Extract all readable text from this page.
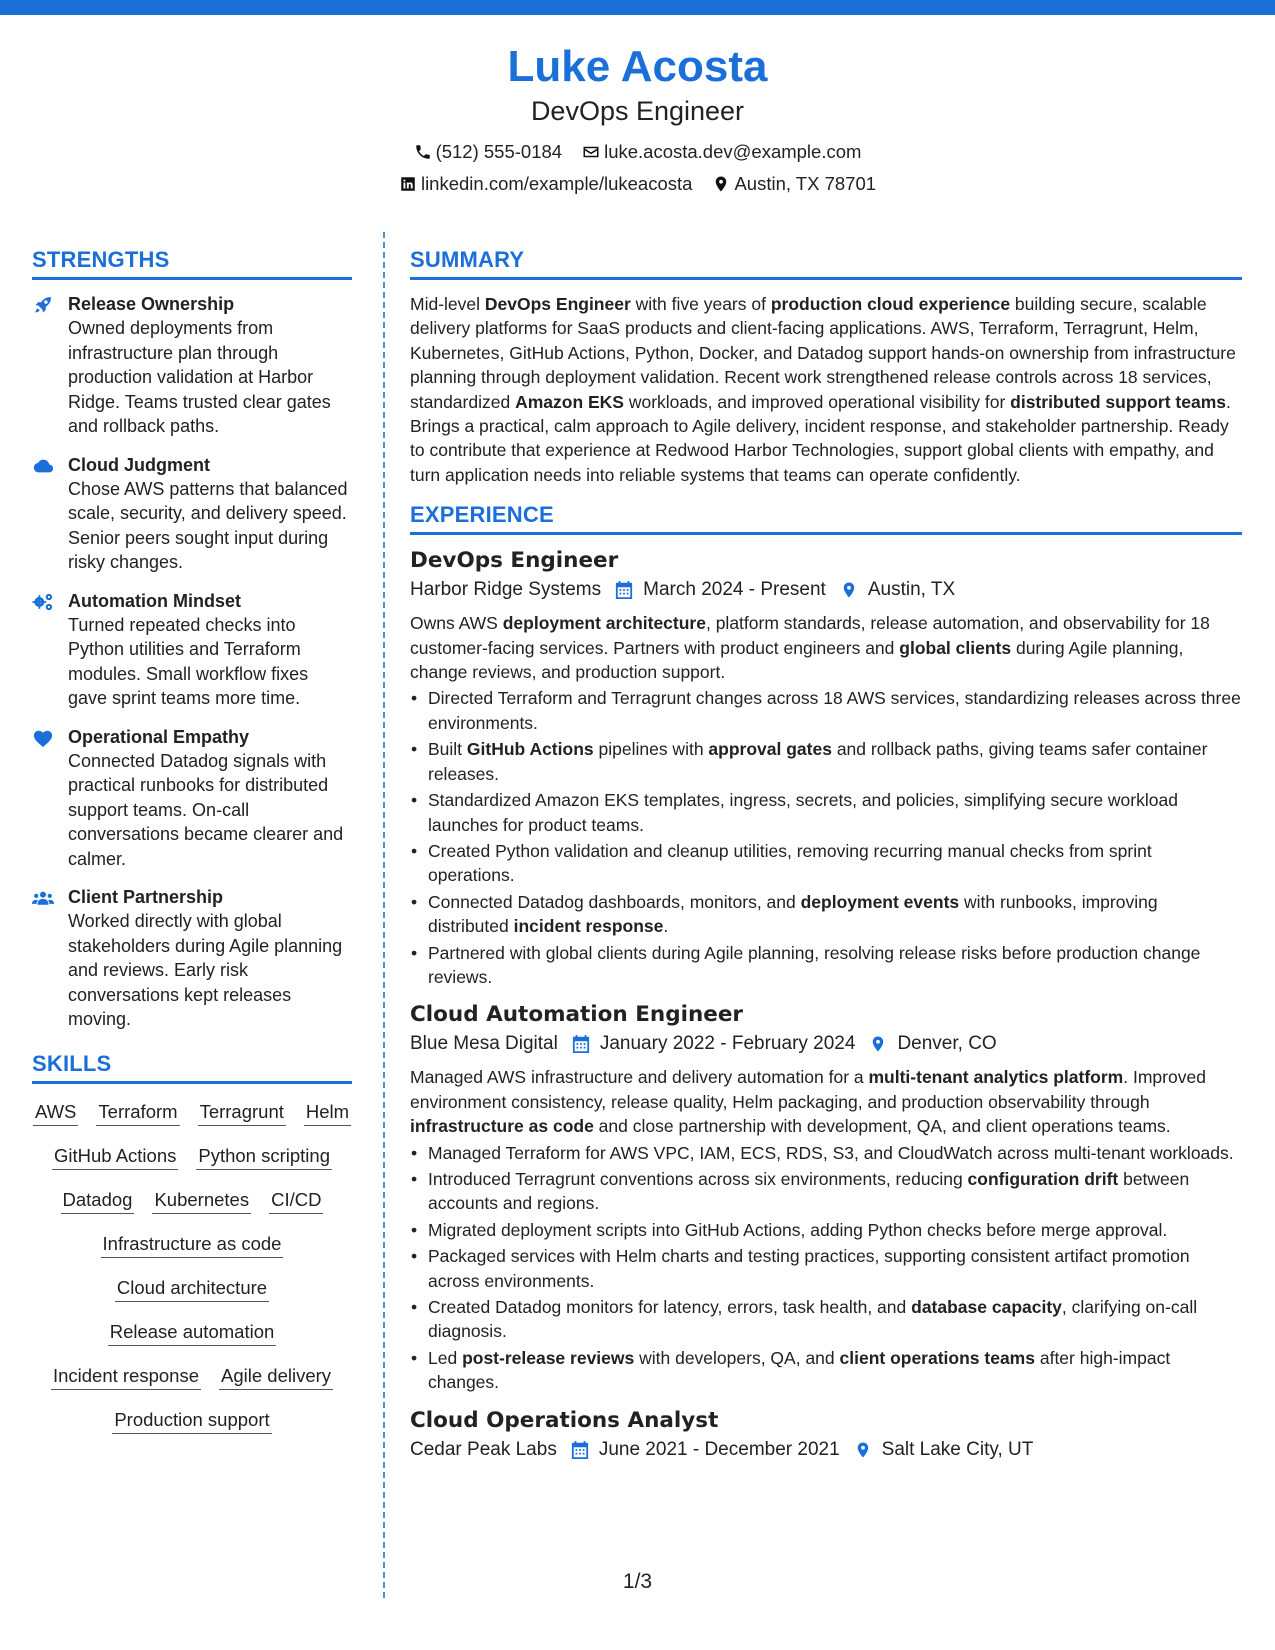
Luke Acosta
DevOps Engineer
(512) 555-0184 luke.acosta.dev@example.com
linkedin.com/example/lukeacosta Austin, TX 78701
STRENGTHS
Release Ownership
Owned deployments from infrastructure plan through production validation at Harbor Ridge. Teams trusted clear gates and rollback paths.
Cloud Judgment
Chose AWS patterns that balanced scale, security, and delivery speed. Senior peers sought input during risky changes.
Automation Mindset
Turned repeated checks into Python utilities and Terraform modules. Small workflow fixes gave sprint teams more time.
Operational Empathy
Connected Datadog signals with practical runbooks for distributed support teams. On-call conversations became clearer and calmer.
Client Partnership
Worked directly with global stakeholders during Agile planning and reviews. Early risk conversations kept releases moving.
SKILLS
AWS Terraform Terragrunt Helm
GitHub Actions Python scripting
Datadog Kubernetes CI/CD
Infrastructure as code
Cloud architecture
Release automation
Incident response Agile delivery
Production support
SUMMARY

Mid-level DevOps Engineer with five years of production cloud experience building secure, scalable delivery platforms for SaaS products and client-facing applications. AWS, Terraform, Terragrunt, Helm, Kubernetes, GitHub Actions, Python, Docker, and Datadog support hands-on ownership from infrastructure planning through deployment validation. Recent work strengthened release controls across 18 services, standardized Amazon EKS workloads, and improved operational visibility for distributed support teams. Brings a practical, calm approach to Agile delivery, incident response, and stakeholder partnership. Ready to contribute that experience at Redwood Harbor Technologies, support global clients with empathy, and turn application needs into reliable systems that teams can operate confidently.

EXPERIENCE
DevOps Engineer
Harbor Ridge Systems March 2024 - Present Austin, TX

Owns AWS deployment architecture, platform standards, release automation, and observability for 18 customer-facing services. Partners with product engineers and global clients during Agile planning, change reviews, and production support.

• Directed Terraform and Terragrunt changes across 18 AWS services, standardizing releases across three environments.
• Built GitHub Actions pipelines with approval gates and rollback paths, giving teams safer container releases.
• Standardized Amazon EKS templates, ingress, secrets, and policies, simplifying secure workload launches for product teams.
• Created Python validation and cleanup utilities, removing recurring manual checks from sprint operations.
• Connected Datadog dashboards, monitors, and deployment events with runbooks, improving distributed incident response.
• Partnered with global clients during Agile planning, resolving release risks before production change reviews.
Cloud Automation Engineer
Blue Mesa Digital January 2022 - February 2024 Denver, CO

Managed AWS infrastructure and delivery automation for a multi-tenant analytics platform. Improved environment consistency, release quality, Helm packaging, and production observability through infrastructure as code and close partnership with development, QA, and client operations teams.

• Managed Terraform for AWS VPC, IAM, ECS, RDS, S3, and CloudWatch across multi-tenant workloads.
• Introduced Terragrunt conventions across six environments, reducing configuration drift between accounts and regions.
• Migrated deployment scripts into GitHub Actions, adding Python checks before merge approval.
• Packaged services with Helm charts and testing practices, supporting consistent artifact promotion across environments.
• Created Datadog monitors for latency, errors, task health, and database capacity, clarifying on-call diagnosis.
• Led post-release reviews with developers, QA, and client operations teams after high-impact changes.
Cloud Operations Analyst
Cedar Peak Labs June 2021 - December 2021 Salt Lake City, UT
1/3
